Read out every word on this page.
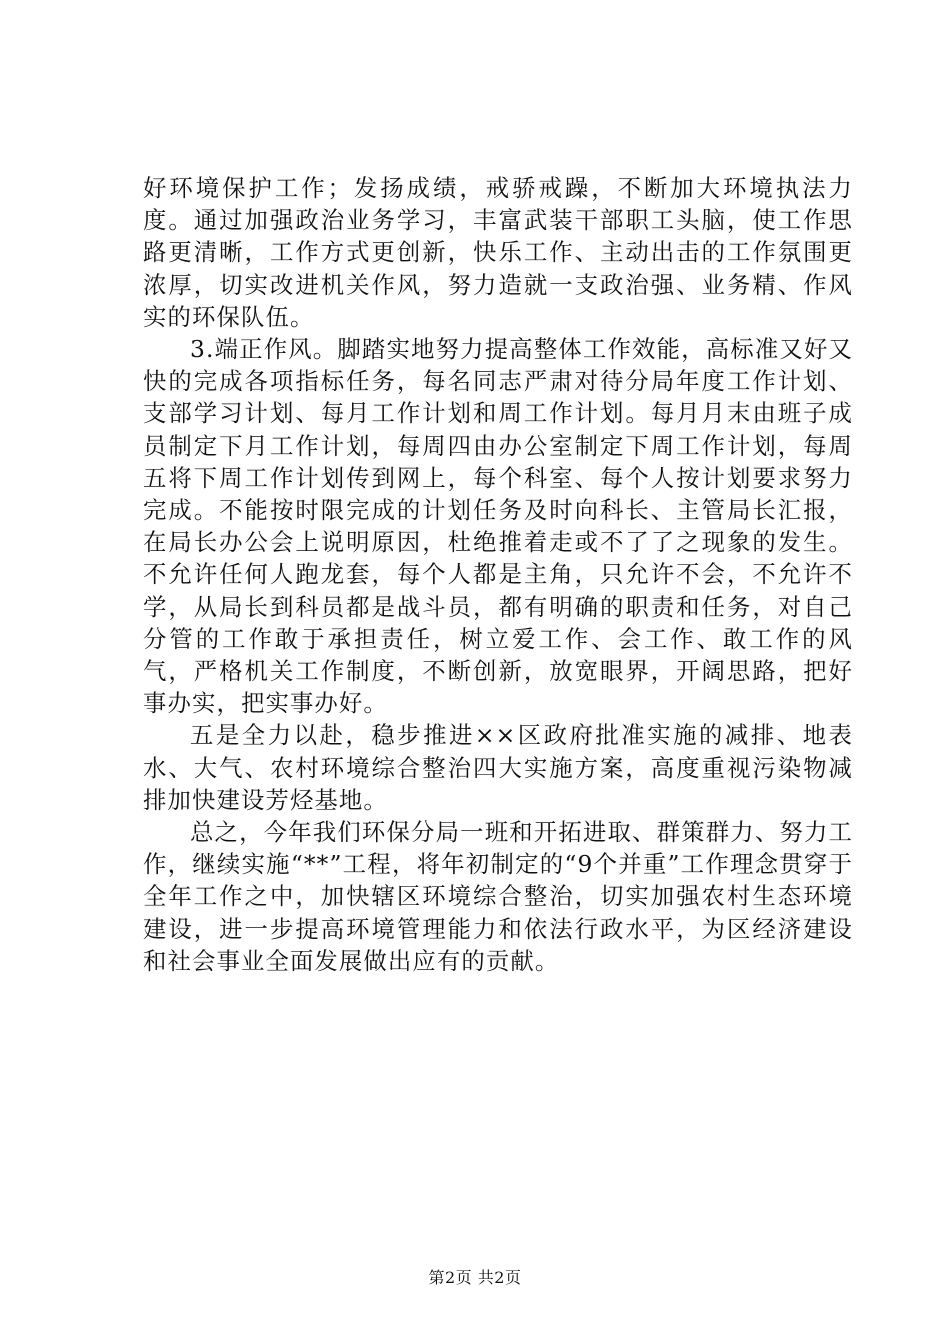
好环境保护工作；发扬成绩，戒骄戒躁，不断加大环境执法力度。通过加强政治业务学习，丰富武装干部职工头脑，使工作思路更清晰，工作方式更创新，快乐工作、主动出击的工作氛围更浓厚，切实改进机关作风，努力造就一支政治强、业务精、作风实的环保队伍。

3.端正作风。脚踏实地努力提高整体工作效能，高标准又好又快的完成各项指标任务，每名同志严肃对待分局年度工作计划、支部学习计划、每月工作计划和周工作计划。每月月末由班子成员制定下月工作计划，每周四由办公室制定下周工作计划，每周五将下周工作计划传到网上，每个科室、每个人按计划要求努力完成。不能按时限完成的计划任务及时向科长、主管局长汇报，在局长办公会上说明原因，杜绝推着走或不了了之现象的发生。不允许任何人跑龙套，每个人都是主角，只允许不会，不允许不学，从局长到科员都是战斗员，都有明确的职责和任务，对自己分管的工作敢于承担责任，树立爱工作、会工作、敢工作的风气，严格机关工作制度，不断创新，放宽眼界，开阔思路，把好事办实，把实事办好。

五是全力以赴，稳步推进××区政府批准实施的减排、地表水、大气、农村环境综合整治四大实施方案，高度重视污染物减排加快建设芳烃基地。

总之，今年我们环保分局一班和开拓进取、群策群力、努力工作，继续实施“**”工程，将年初制定的“9个并重”工作理念贯穿于全年工作之中，加快辖区环境综合整治，切实加强农村生态环境建设，进一步提高环境管理能力和依法行政水平，为区经济建设和社会事业全面发展做出应有的贡献。

第2页 共2页
